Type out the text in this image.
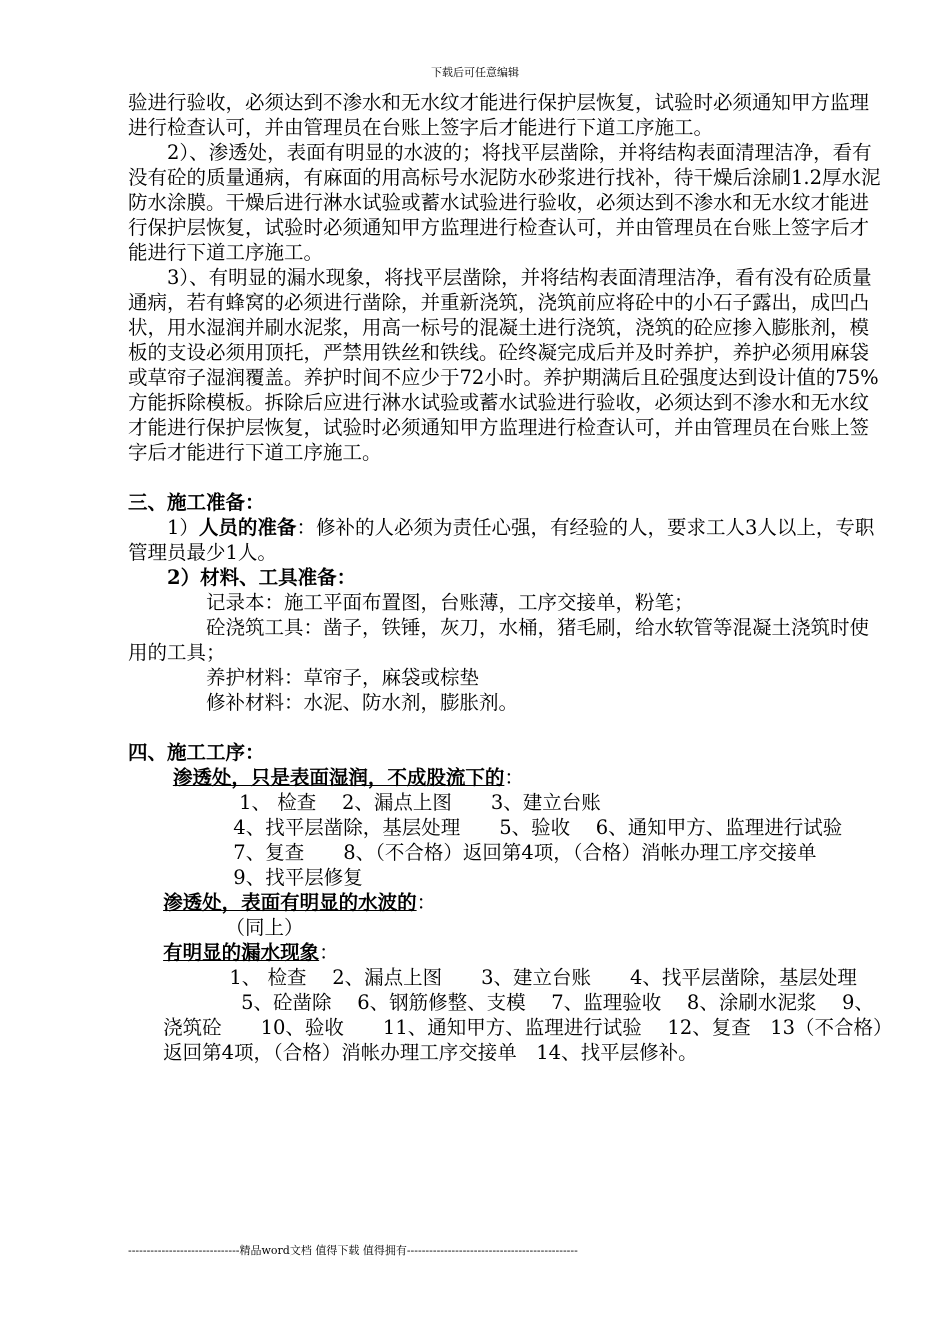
下载后可任意编辑

验进行验收，必须达到不渗水和无水纹才能进行保护层恢复，试验时必须通知甲方监理进行检查认可，并由管理员在台账上签字后才能进行下道工序施工。

2）、渗透处，表面有明显的水波的；将找平层凿除，并将结构表面清理洁净，看有没有砼的质量通病，有麻面的用高标号水泥防水砂浆进行找补，待干燥后涂刷1.2厚水泥防水涂膜。干燥后进行淋水试验或蓄水试验进行验收，必须达到不渗水和无水纹才能进行保护层恢复，试验时必须通知甲方监理进行检查认可，并由管理员在台账上签字后才能进行下道工序施工。

3）、有明显的漏水现象，将找平层凿除，并将结构表面清理洁净，看有没有砼质量通病，若有蜂窝的必须进行凿除，并重新浇筑，浇筑前应将砼中的小石子露出，成凹凸状，用水湿润并刷水泥浆，用高一标号的混凝土进行浇筑，浇筑的砼应掺入膨胀剂，模板的支设必须用顶托，严禁用铁丝和铁线。砼终凝完成后并及时养护，养护必须用麻袋或草帘子湿润覆盖。养护时间不应少于72小时。养护期满后且砼强度达到设计值的75%方能拆除模板。拆除后应进行淋水试验或蓄水试验进行验收，必须达到不渗水和无水纹才能进行保护层恢复，试验时必须通知甲方监理进行检查认可，并由管理员在台账上签字后才能进行下道工序施工。

三、施工准备：

1）人员的准备：修补的人必须为责任心强，有经验的人，要求工人3人以上，专职管理员最少1人。

2）材料、工具准备：

记录本：施工平面布置图，台账薄，工序交接单，粉笔；

砼浇筑工具：凿子，铁锤，灰刀，水桶，猪毛刷，给水软管等混凝土浇筑时使用的工具；

养护材料：草帘子，麻袋或棕垫

修补材料：水泥、防水剂，膨胀剂。

四、施工工序：

渗透处，只是表面湿润，不成股流下的：

1、 检查　 2、漏点上图　　3、建立台账

4、找平层凿除，基层处理　　5、验收　 6、通知甲方、监理进行试验

7、复查　　8、（不合格）返回第4项，（合格）消帐办理工序交接单

9、找平层修复

渗透处，表面有明显的水波的：

（同上）

有明显的漏水现象：

1、 检查　 2、漏点上图　　3、建立台账　　4、找平层凿除，基层处理

5、砼凿除　 6、钢筋修整、支模　 7、监理验收　 8、涂刷水泥浆　 9、浇筑砼　　10、验收　　11、通知甲方、监理进行试验　 12、复查　13（不合格）返回第4项，（合格）消帐办理工序交接单　14、找平层修补。

------------------------------精品word文档 值得下载 值得拥有----------------------------------------------
